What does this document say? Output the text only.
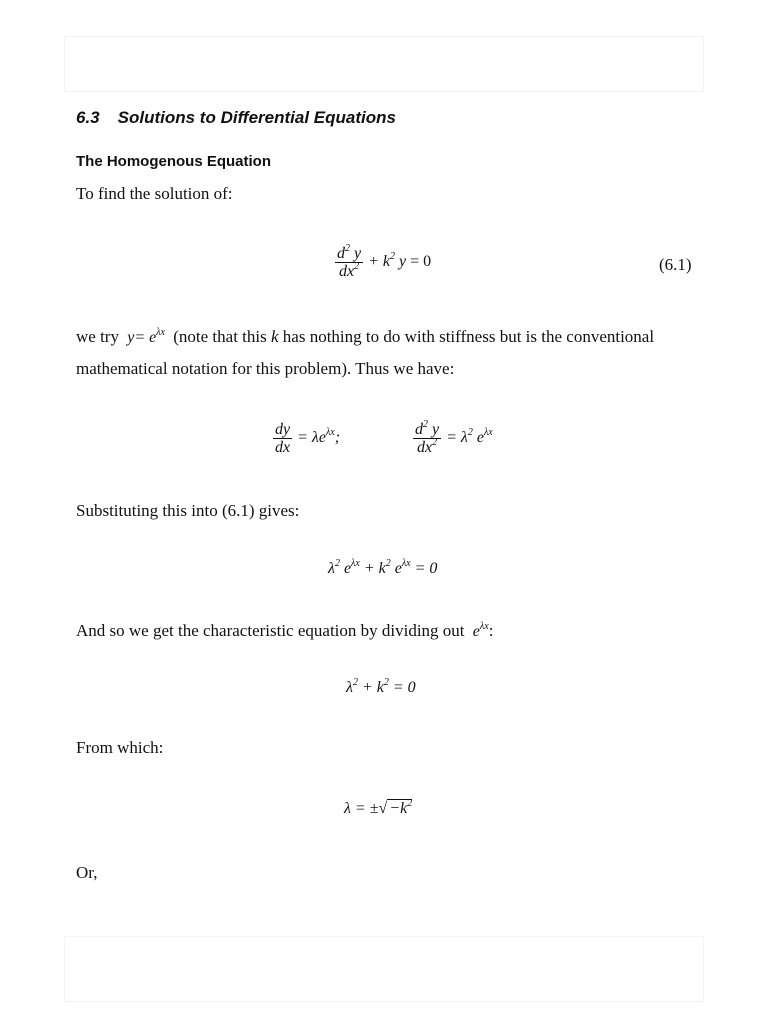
6.3 Solutions to Differential Equations
The Homogenous Equation
To find the solution of:
$\frac{d^2 y}{dx^2} + k^2$ y = 0	(6.1)
we try $y= e^{\lambda x}$ (note that this k has nothing to do with stiffness but is the conventional
mathematical notation for this problem). Thus we have:
$\frac{dy}{dx} = \lambda e^{\lambda x}$;	$\frac{d^2 y}{dx^2} = \lambda^2$ $e^{\lambda x}$
Substituting this into (6.1) gives:
$\lambda^2$ $e^{\lambda x} + k^2$ $e^{\lambda x} = 0$
And so we get the characteristic equation by dividing out $e^{\lambda x}$:
$\lambda^2 + k^2 = 0$
From which:
λ = ±√ $-k^2$
Or,
